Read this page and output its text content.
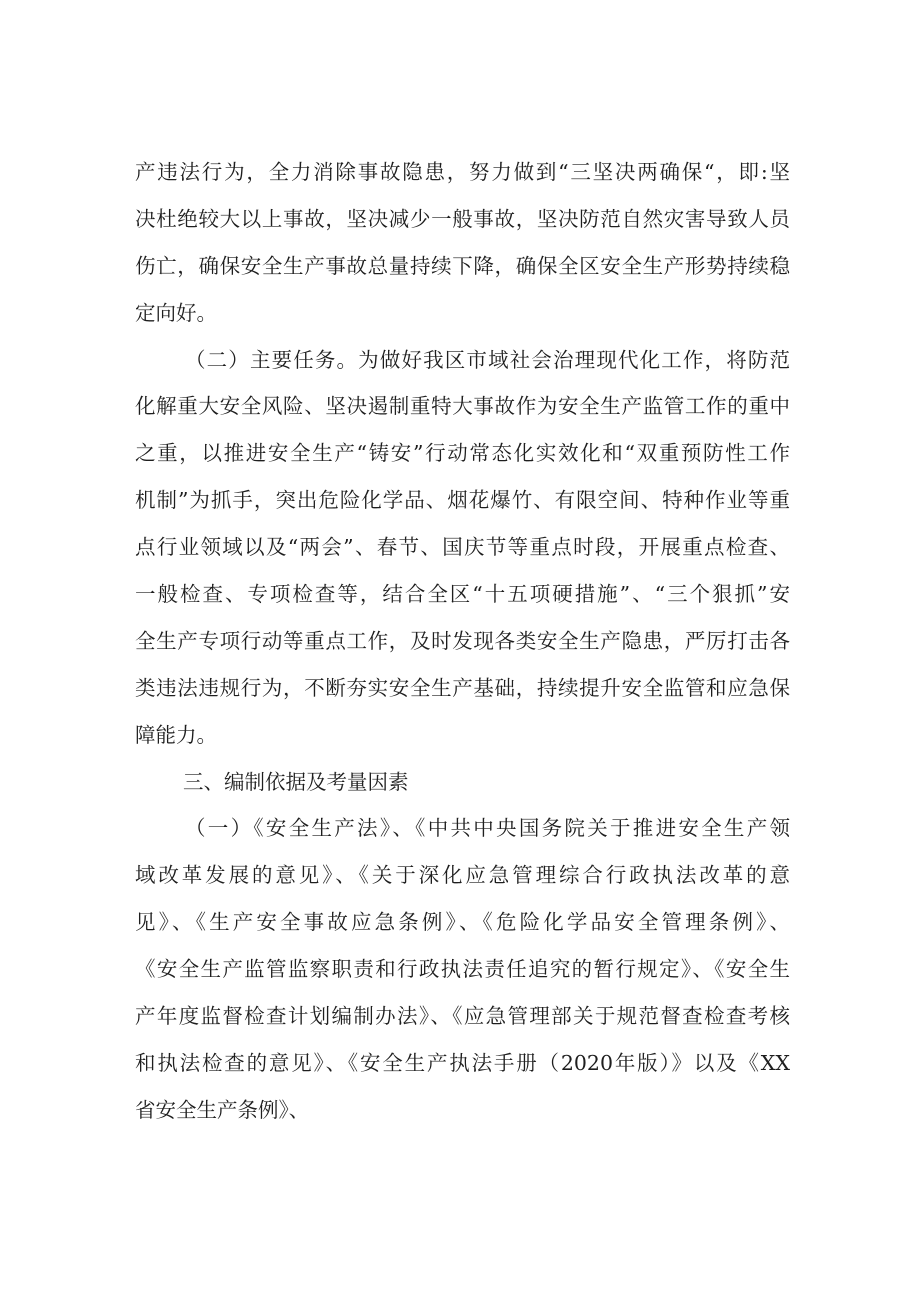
产违法行为，全力消除事故隐患，努力做到“三坚决两确保“，即:坚
决杜绝较大以上事故，坚决减少一般事故，坚决防范自然灾害导致人员
伤亡，确保安全生产事故总量持续下降，确保全区安全生产形势持续稳
定向好。
（二）主要任务。为做好我区市域社会治理现代化工作，将防范
化解重大安全风险、坚决遏制重特大事故作为安全生产监管工作的重中
之重，以推进安全生产“铸安”行动常态化实效化和“双重预防性工作
机制”为抓手，突出危险化学品、烟花爆竹、有限空间、特种作业等重
点行业领域以及“两会”、春节、国庆节等重点时段，开展重点检查、
一般检查、专项检查等，结合全区“十五项硬措施”、“三个狠抓”安
全生产专项行动等重点工作，及时发现各类安全生产隐患，严厉打击各
类违法违规行为，不断夯实安全生产基础，持续提升安全监管和应急保
障能力。
三、编制依据及考量因素
（一）《安全生产法》、《中共中央国务院关于推进安全生产领
域改革发展的意见》、《关于深化应急管理综合行政执法改革的意
见》、《生产安全事故应急条例》、《危险化学品安全管理条例》、
《安全生产监管监察职责和行政执法责任追究的暂行规定》、《安全生
产年度监督检查计划编制办法》、《应急管理部关于规范督查检查考核
和执法检查的意见》、《安全生产执法手册（2020年版）》以及《XX
省安全生产条例》、
